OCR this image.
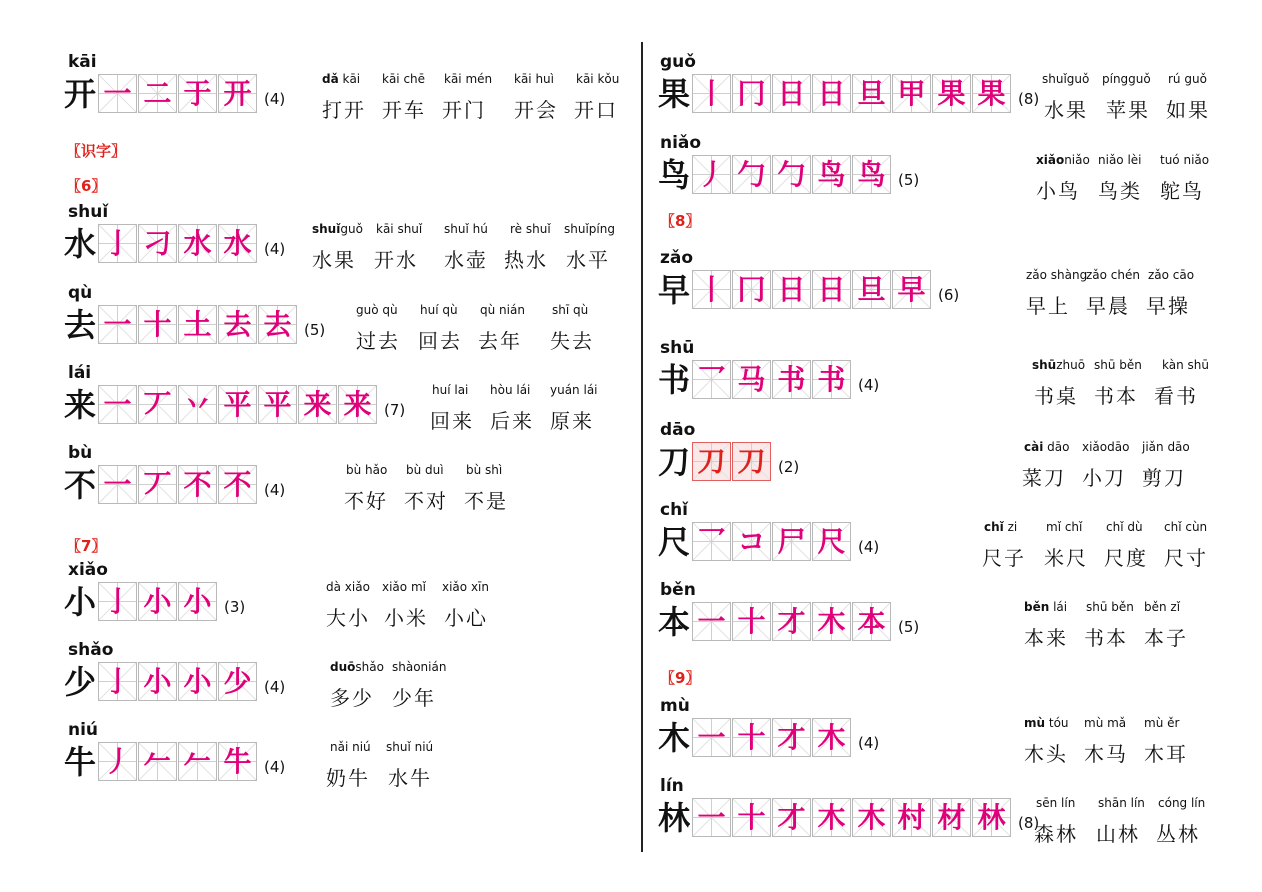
〖识字〗
〖6〗
〖7〗
kāi
开 一 二 于 开 (4)
dǎ kāi
打开
kāi chē
开车
kāi mén
开门
kāi huì
开会
kāi kǒu
开口
shuǐ
水 亅 刁 水 水 (4)
shuǐguǒ
水果
kāi shuǐ
开水
shuǐ hú
水壶
rè shuǐ
热水
shuǐpíng
水平
qù
去 一 十 土 去 去 (5)
guò qù
过去
huí qù
回去
qù nián
去年
shī qù
失去
lái
来 一 丆 丷 平 平 来 来 (7)
huí lai
回来
hòu lái
后来
yuán lái
原来
bù
不 一 丆 不 不 (4)
bù hǎo
不好
bù duì
不对
bù shì
不是
xiǎo
小 亅 小 小 (3)
dà xiǎo
大小
xiǎo mǐ
小米
xiǎo xīn
小心
shǎo
少 亅 小 小 少 (4)
duōshǎo
多少
shàonián
少年
niú
牛 丿 𠂉 𠂉 牛 (4)
nǎi niú
奶牛
shuǐ niú
水牛
〖8〗
〖9〗
guǒ
果 丨 冂 日 日 旦 甲 果 果 (8)
shuǐguǒ
水果
píngguǒ
苹果
rú guǒ
如果
niǎo
鸟 丿 勹 勹 鸟 鸟 (5)
xiǎoniǎo
小鸟
niǎo lèi
鸟类
tuó niǎo
鸵鸟
zǎo
早 丨 冂 日 日 旦 早 (6)
zǎo shàng
早上
zǎo chén
早晨
zǎo cāo
早操
shū
书 乛 马 书 书 (4)
shūzhuō
书桌
shū běn
书本
kàn shū
看书
dāo
刀 刀 刀 (2)
cài dāo
菜刀
xiǎodāo
小刀
jiǎn dāo
剪刀
chǐ
尺 乛 コ 尸 尺 (4)
chǐ zi
尺子
mǐ chǐ
米尺
chǐ dù
尺度
chǐ cùn
尺寸
běn
本 一 十 才 木 本 (5)
běn lái
本来
shū běn
书本
běn zǐ
本子
mù
木 一 十 才 木 (4)
mù tóu
木头
mù mǎ
木马
mù ěr
木耳
lín
林 一 十 才 木 木 村 材 林 (8)
sēn lín
森林
shān lín
山林
cóng lín
丛林
